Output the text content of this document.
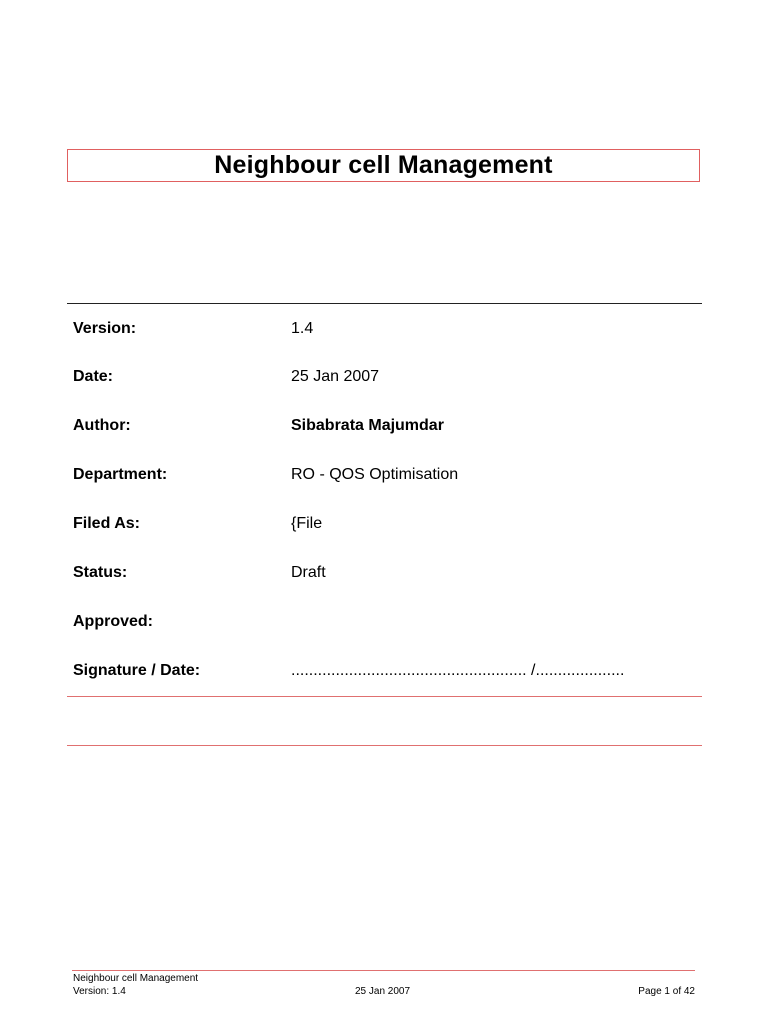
Neighbour cell Management
Version:	1.4
Date:	25 Jan 2007
Author:	Sibabrata Majumdar
Department:	RO - QOS Optimisation
Filed As:	{File
Status:	Draft
Approved:
Signature / Date:	..................................................... /....................
Neighbour cell Management
Version: 1.4	25 Jan 2007	Page 1 of 42
